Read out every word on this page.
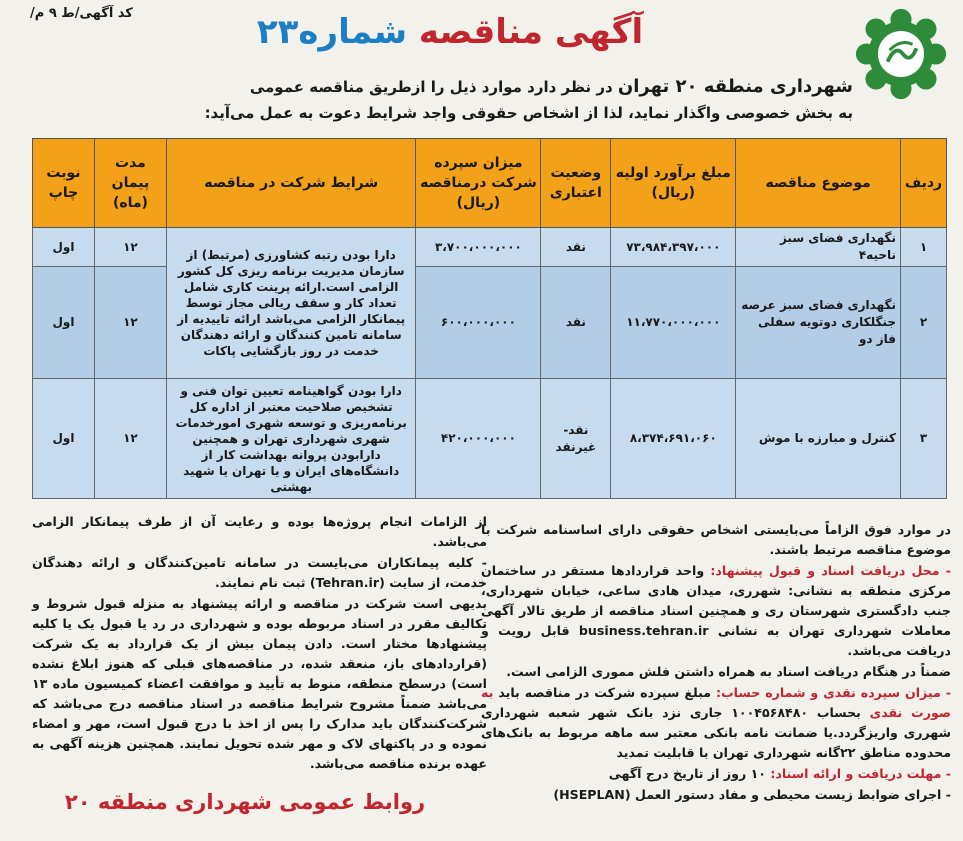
کد آگهی/ط ۹ م/	آگهی مناقصه شماره۲۳
شهرداری منطقه ۲۰ تهران در نظر دارد موارد ذیل را ازطریق مناقصه عمومی
به بخش خصوصی واگذار نماید، لذا از اشخاص حقوقی واجد شرایط دعوت به عمل می‌آید:
ردیف	موضوع مناقصه	مبلغ برآورد اولیه (ریال)	وضعیت اعتباری	میزان سپرده شرکت درمناقصه (ریال)	شرایط شرکت در مناقصه	مدت پیمان (ماه)	نوبت چاپ
۱	نگهداری فضای سبز ناحیه۴	۷۳،۹۸۴،۳۹۷،۰۰۰	نقد	۳،۷۰۰،۰۰۰،۰۰۰	دارا بودن رتبه کشاورزی (مرتبط) از سازمان مدیریت برنامه ریزی کل کشور الزامی است.ارائه پرینت کاری شامل تعداد کار و سقف ریالی مجاز توسط پیمانکار الزامی می‌باشد ارائه تاییدیه از سامانه تامین کنندگان و ارائه دهندگان خدمت در روز بازگشایی پاکات	۱۲	اول
۲	نگهداری فضای سبز عرصه جنگلکاری دوتویه سفلی فاز دو	۱۱،۷۷۰،۰۰۰،۰۰۰	نقد	۶۰۰،۰۰۰،۰۰۰		۱۲	اول
۳	کنترل و مبارزه با موش	۸،۳۷۴،۶۹۱،۰۶۰	نقد- غیرنقد	۴۲۰،۰۰۰،۰۰۰	دارا بودن گواهینامه تعیین توان فنی و تشخیص صلاحیت معتبر از اداره کل برنامه‌ریزی و توسعه شهری امورخدمات شهری شهرداری تهران و همچنین دارابودن پروانه بهداشت کار از دانشگاه‌های ایران و یا تهران یا شهید بهشتی	۱۲	اول

در موارد فوق الزاماً می‌بایستی اشخاص حقوقی دارای اساسنامه شرکت با موضوع مناقصه مرتبط باشند.

- محل دریافت اسناد و قبول پیشنهاد: واحد قراردادها مستقر در ساختمان مرکزی منطقه به نشانی: شهرری، میدان هادی ساعی، خیابان شهرداری، جنب دادگستری شهرستان ری و همچنین اسناد مناقصه از طریق تالار آگهی معاملات شهرداری تهران به نشانی business.tehran.ir قابل رویت و دریافت می‌باشد.

ضمناً در هنگام دریافت اسناد به همراه داشتن فلش مموری الزامی است.

- میزان سپرده نقدی و شماره حساب: مبلغ سپرده شرکت در مناقصه باید به صورت نقدی بحساب ۱۰۰۴۵۶۸۴۸۰ جاری نزد بانک شهر شعبه شهرداری شهرری واریزگردد.یا ضمانت نامه بانکی معتبر سه ماهه مربوط به بانک‌های محدوده مناطق ۲۲گانه شهرداری تهران با قابلیت تمدید

- مهلت دریافت و ارائه اسناد: ۱۰ روز از تاریخ درج آگهی

- اجرای ضوابط زیست محیطی و مفاد دستور العمل (HSEPLAN)

از الزامات انجام پروژه‌ها بوده و رعایت آن از طرف پیمانکار الزامی می‌باشد.

- کلیه پیمانکاران می‌بایست در سامانه تامین‌کنندگان و ارائه دهندگان خدمت، از سایت (Tehran.ir) ثبت نام نمایند.

بدیهی است شرکت در مناقصه و ارائه پیشنهاد به منزله قبول شروط و تکالیف مقرر در اسناد مربوطه بوده و شهرداری در رد یا قبول یک یا کلیه پیشنهادها مختار است. دادن پیمان بیش از یک قرارداد به یک شرکت (قراردادهای باز، منعقد شده، در مناقصه‌های قبلی که هنوز ابلاغ نشده است) درسطح منطقه، منوط به تأیید و موافقت اعضاء کمیسیون ماده ۱۳ می‌باشد ضمناً مشروح شرایط مناقصه در اسناد مناقصه درج می‌باشد که شرکت‌کنندگان باید مدارک را پس از اخذ با درج قبول است، مهر و امضاء نموده و در پاکتهای لاک و مهر شده تحویل نمایند. همچنین هزینه آگهی به عهده برنده مناقصه می‌باشد.

روابط عمومی شهرداری منطقه ۲۰
